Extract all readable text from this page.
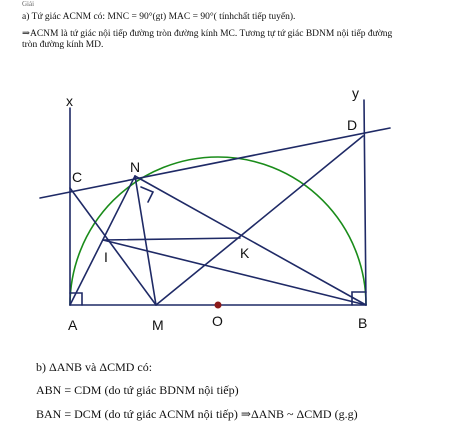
Giải
a) Tứ giác ACNM có: MNC = 90°(gt) MAC = 90°( tínhchất tiếp tuyến).
⇒ACNM là tứ giác nội tiếp đường tròn đường kính MC. Tương tự tứ giác BDNM nội tiếp đường
tròn đường kính MD.
x	y
C
N
D
I	K
A	M	O	B
b) ΔANB và ΔCMD có:
ABN = CDM (do tứ giác BDNM nội tiếp)
BAN = DCM (do tứ giác ACNM nội tiếp) ⇒ΔANB ~ ΔCMD (g.g)
